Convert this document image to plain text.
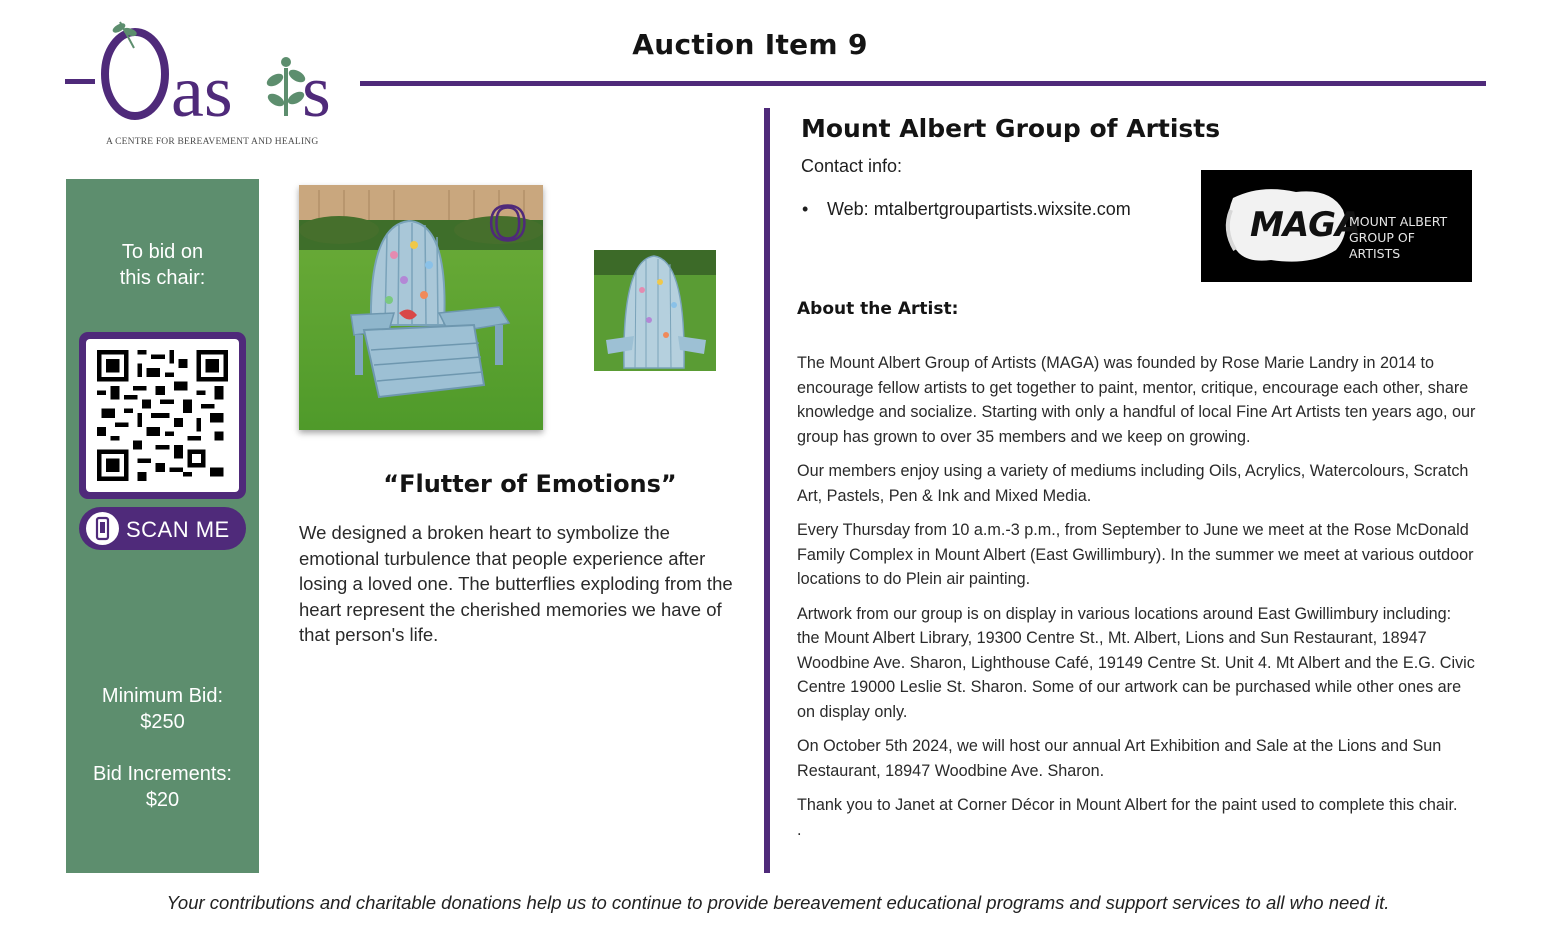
as s
A CENTRE FOR BEREAVEMENT AND HEALING
Auction Item 9
To bid on
this chair:
SCAN ME
Minimum Bid:
$250
Bid Increments:
$20
O
“Flutter of Emotions”
We designed a broken heart to symbolize the emotional turbulence that people experience after losing a loved one. The butterflies exploding from the heart represent the cherished memories we have of that person's life.
Mount Albert Group of Artists
Contact info:
• Web: mtalbertgroupartists.wixsite.com	MAGA
MOUNT ALBERT
GROUP OF ARTISTS
About the Artist:

The Mount Albert Group of Artists (MAGA) was founded by Rose Marie Landry in 2014 to encourage fellow artists to get together to paint, mentor, critique, encourage each other, share knowledge and socialize. Starting with only a handful of local Fine Art Artists ten years ago, our group has grown to over 35 members and we keep on growing.

Our members enjoy using a variety of mediums including Oils, Acrylics, Watercolours, Scratch Art, Pastels, Pen & Ink and Mixed Media.

Every Thursday from 10 a.m.-3 p.m., from September to June we meet at the Rose McDonald Family Complex in Mount Albert (East Gwillimbury). In the summer we meet at various outdoor locations to do Plein air painting.

Artwork from our group is on display in various locations around East Gwillimbury including: the Mount Albert Library, 19300 Centre St., Mt. Albert, Lions and Sun Restaurant, 18947 Woodbine Ave. Sharon, Lighthouse Café, 19149 Centre St. Unit 4. Mt Albert and the E.G. Civic Centre 19000 Leslie St. Sharon. Some of our artwork can be purchased while other ones are on display only.

On October 5th 2024, we will host our annual Art Exhibition and Sale at the Lions and Sun Restaurant, 18947 Woodbine Ave. Sharon.

Thank you to Janet at Corner Décor in Mount Albert for the paint used to complete this chair.

.

Your contributions and charitable donations help us to continue to provide bereavement educational programs and support services to all who need it.
